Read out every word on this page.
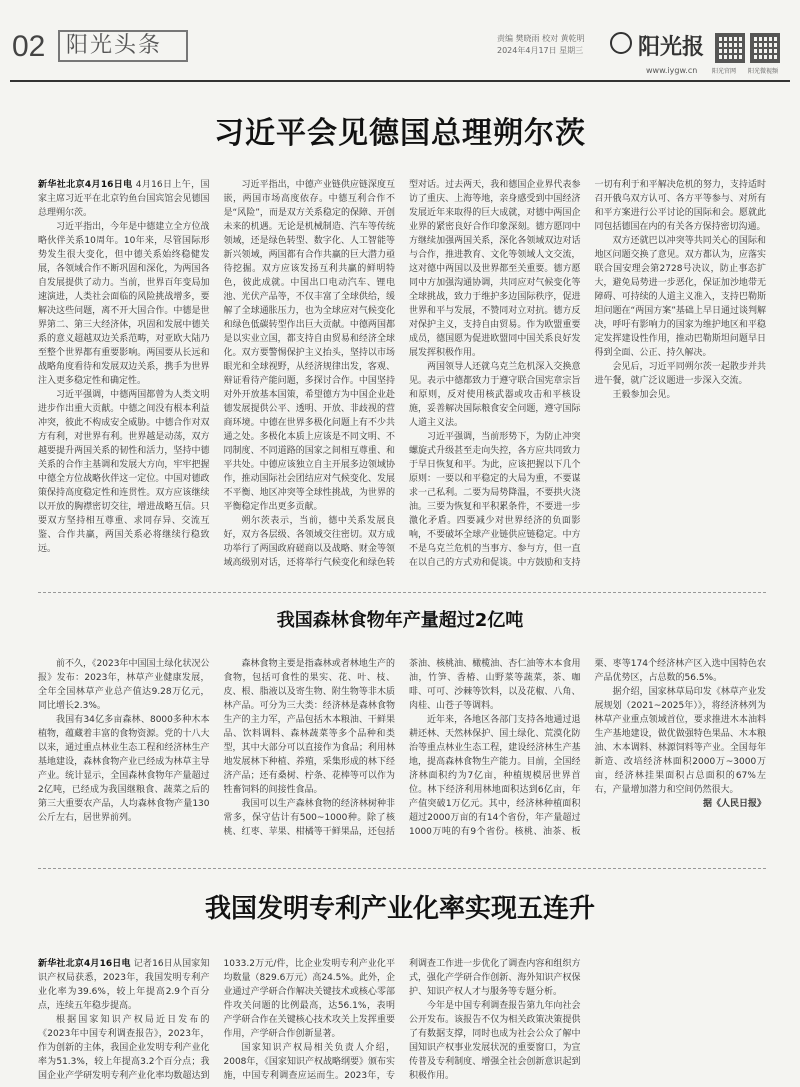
02 阳光头条	责编 樊晓雨 校对 黄乾明
2024年4月17日 星期三 阳光报
www.iygw.cn 阳光官网 阳光微视频
习近平会见德国总理朔尔茨

新华社北京4月16日电 4月16日上午，国家主席习近平在北京钓鱼台国宾馆会见德国总理朔尔茨。

习近平指出，今年是中德建立全方位战略伙伴关系10周年。10年来，尽管国际形势发生很大变化，但中德关系始终稳健发展，各领域合作不断巩固和深化，为两国各自发展提供了动力。当前，世界百年变局加速演进，人类社会面临的风险挑战增多，要解决这些问题，离不开大国合作。中德是世界第二、第三大经济体，巩固和发展中德关系的意义超越双边关系范畴，对亚欧大陆乃至整个世界都有重要影响。两国要从长远和战略角度看待和发展双边关系，携手为世界注入更多稳定性和确定性。

习近平强调，中德两国都曾为人类文明进步作出重大贡献。中德之间没有根本利益冲突，彼此不构成安全威胁。中德合作对双方有利，对世界有利。世界越是动荡，双方越要提升两国关系的韧性和活力，坚持中德关系的合作主基调和发展大方向，牢牢把握中德全方位战略伙伴这一定位。中国对德政策保持高度稳定性和连贯性。双方应该继续以开放的胸襟密切交往，增进战略互信。只要双方坚持相互尊重、求同存异、交流互鉴、合作共赢，两国关系必将继续行稳致远。

习近平指出，中德产业链供应链深度互嵌，两国市场高度依存。中德互利合作不是“风险”，而是双方关系稳定的保障、开创未来的机遇。无论是机械制造、汽车等传统领域，还是绿色转型、数字化、人工智能等新兴领域，两国都有合作共赢的巨大潜力亟待挖掘。双方应该发扬互利共赢的鲜明特色，彼此成就。中国出口电动汽车、锂电池、光伏产品等，不仅丰富了全球供给，缓解了全球通胀压力，也为全球应对气候变化和绿色低碳转型作出巨大贡献。中德两国都是以实业立国，都支持自由贸易和经济全球化。双方要警惕保护主义抬头，坚持以市场眼光和全球视野，从经济规律出发，客观、辩证看待产能问题，多探讨合作。中国坚持对外开放基本国策，希望德方为中国企业赴德发展提供公平、透明、开放、非歧视的营商环境。中德在世界多极化问题上有不少共通之处。多极化本质上应该是不同文明、不同制度、不同道路的国家之间相互尊重、和平共处。中德应该独立自主开展多边领域协作，推动国际社会团结应对气候变化、发展不平衡、地区冲突等全球性挑战，为世界的平衡稳定作出更多贡献。

朔尔茨表示，当前，德中关系发展良好，双方各层级、各领域交往密切。双方成功举行了两国政府磋商以及战略、财金等领域高级别对话，还将举行气候变化和绿色转型对话。过去两天，我和德国企业界代表参访了重庆、上海等地，亲身感受到中国经济发展近年来取得的巨大成就，对德中两国企业界的紧密良好合作印象深刻。德方愿同中方继续加强两国关系，深化各领域双边对话与合作，推进教育、文化等领域人文交流，这对德中两国以及世界都至关重要。德方愿同中方加强沟通协调，共同应对气候变化等全球挑战，致力于维护多边国际秩序，促进世界和平与发展，不赞同对立对抗。德方反对保护主义，支持自由贸易。作为欧盟重要成员，德国愿为促进欧盟同中国关系良好发展发挥积极作用。

两国领导人还就乌克兰危机深入交换意见。表示中德都致力于遵守联合国宪章宗旨和原则，反对使用核武器或攻击和平核设施，妥善解决国际粮食安全问题，遵守国际人道主义法。

习近平强调，当前形势下，为防止冲突螺旋式升级甚至走向失控，各方应共同致力于早日恢复和平。为此，应该把握以下几个原则：一要以和平稳定的大局为重，不要谋求一己私利。二要为局势降温，不要拱火浇油。三要为恢复和平积累条件，不要进一步激化矛盾。四要减少对世界经济的负面影响，不要破坏全球产业链供应链稳定。中方不是乌克兰危机的当事方、参与方，但一直在以自己的方式劝和促谈。中方鼓励和支持一切有利于和平解决危机的努力，支持适时召开俄乌双方认可、各方平等参与、对所有和平方案进行公平讨论的国际和会。愿就此同包括德国在内的有关各方保持密切沟通。

双方还就巴以冲突等共同关心的国际和地区问题交换了意见。双方都认为，应落实联合国安理会第2728号决议，防止事态扩大，避免局势进一步恶化，保证加沙地带无障碍、可持续的人道主义准入，支持巴勒斯坦问题在“两国方案”基础上早日通过谈判解决，呼吁有影响力的国家为维护地区和平稳定发挥建设性作用，推动巴勒斯坦问题早日得到全面、公正、持久解决。

会见后，习近平同朔尔茨一起散步并共进午餐，就广泛议题进一步深入交流。

王毅参加会见。

我国森林食物年产量超过2亿吨

前不久，《2023年中国国土绿化状况公报》发布：2023年，林草产业健康发展，全年全国林草产业总产值达9.28万亿元，同比增长2.3%。

我国有34亿多亩森林、8000多种木本植物，蕴藏着丰富的食物资源。党的十八大以来，通过重点林业生态工程和经济林生产基地建设，森林食物产业已经成为林草主导产业。统计显示，全国森林食物年产量超过2亿吨，已经成为我国继粮食、蔬菜之后的第三大重要农产品，人均森林食物产量130公斤左右，居世界前列。

森林食物主要是指森林或者林地生产的食物，包括可食性的果实、花、叶、枝、皮、根、脂液以及寄生物、附生物等非木质林产品。可分为三大类：经济林是森林食物生产的主力军，产品包括木本粮油、干鲜果品、饮料调料、森林蔬菜等多个品种和类型，其中大部分可以直接作为食品；利用林地发展林下种植、养殖，采集形成的林下经济产品；还有桑树、柠条、花棒等可以作为牲畜饲料的间接性食品。

我国可以生产森林食物的经济林树种非常多，保守估计有500~1000种。除了核桃、红枣、苹果、柑橘等干鲜果品，还包括茶油、核桃油、橄榄油、杏仁油等木本食用油，竹笋、香椿、山野菜等蔬菜，茶、咖啡、可可、沙棘等饮料，以及花椒、八角、肉桂、山苍子等调料。

近年来，各地区各部门支持各地通过退耕还林、天然林保护、国土绿化、荒漠化防治等重点林业生态工程，建设经济林生产基地，提高森林食物生产能力。目前，全国经济林面积约为7亿亩，种植规模居世界首位。林下经济利用林地面积达到6亿亩，年产值突破1万亿元。其中，经济林种植面积超过2000万亩的有14个省份，年产量超过1000万吨的有9个省份。核桃、油茶、板栗、枣等174个经济林产区入选中国特色农产品优势区，占总数的56.5%。

据介绍，国家林草局印发《林草产业发展规划（2021~2025年）》，将经济林列为林草产业重点领域首位，要求推进木本油料生产基地建设，做优做强特色果品、木本粮油、木本调料、林源饲料等产业。全国每年新造、改培经济林面积2000万~3000万亩，经济林挂果面积占总面积的67%左右，产量增加潜力和空间仍然很大。

据《人民日报》

我国发明专利产业化率实现五连升

新华社北京4月16日电 记者16日从国家知识产权局获悉，2023年，我国发明专利产业化率为39.6%，较上年提高2.9个百分点，连续五年稳步提高。

根据国家知识产权局近日发布的《2023年中国专利调查报告》，2023年，作为创新的主体，我国企业发明专利产业化率为51.3%，较上年提高3.2个百分点；我国企业产学研发明专利产业化率均数超达到1033.2万元/件，比企业发明专利产业化平均数量（829.6万元）高24.5%。此外，企业通过产学研合作解决关键技术或核心零部件攻关问题的比例最高，达56.1%，表明产学研合作在关键核心技术攻关上发挥重要作用，产学研合作创新显著。

国家知识产权局相关负责人介绍，2008年，《国家知识产权战略纲要》颁布实施，中国专利调查应运而生。2023年，专利调查工作进一步优化了调查内容和组织方式，强化产学研合作创新、海外知识产权保护、知识产权人才与服务等专题分析。

今年是中国专利调查报告第九年向社会公开发布。该报告不仅为相关政策决策提供了有数据支撑，同时也成为社会公众了解中国知识产权事业发展状况的重要窗口，为宣传普及专利制度、增强全社会创新意识起到积极作用。
